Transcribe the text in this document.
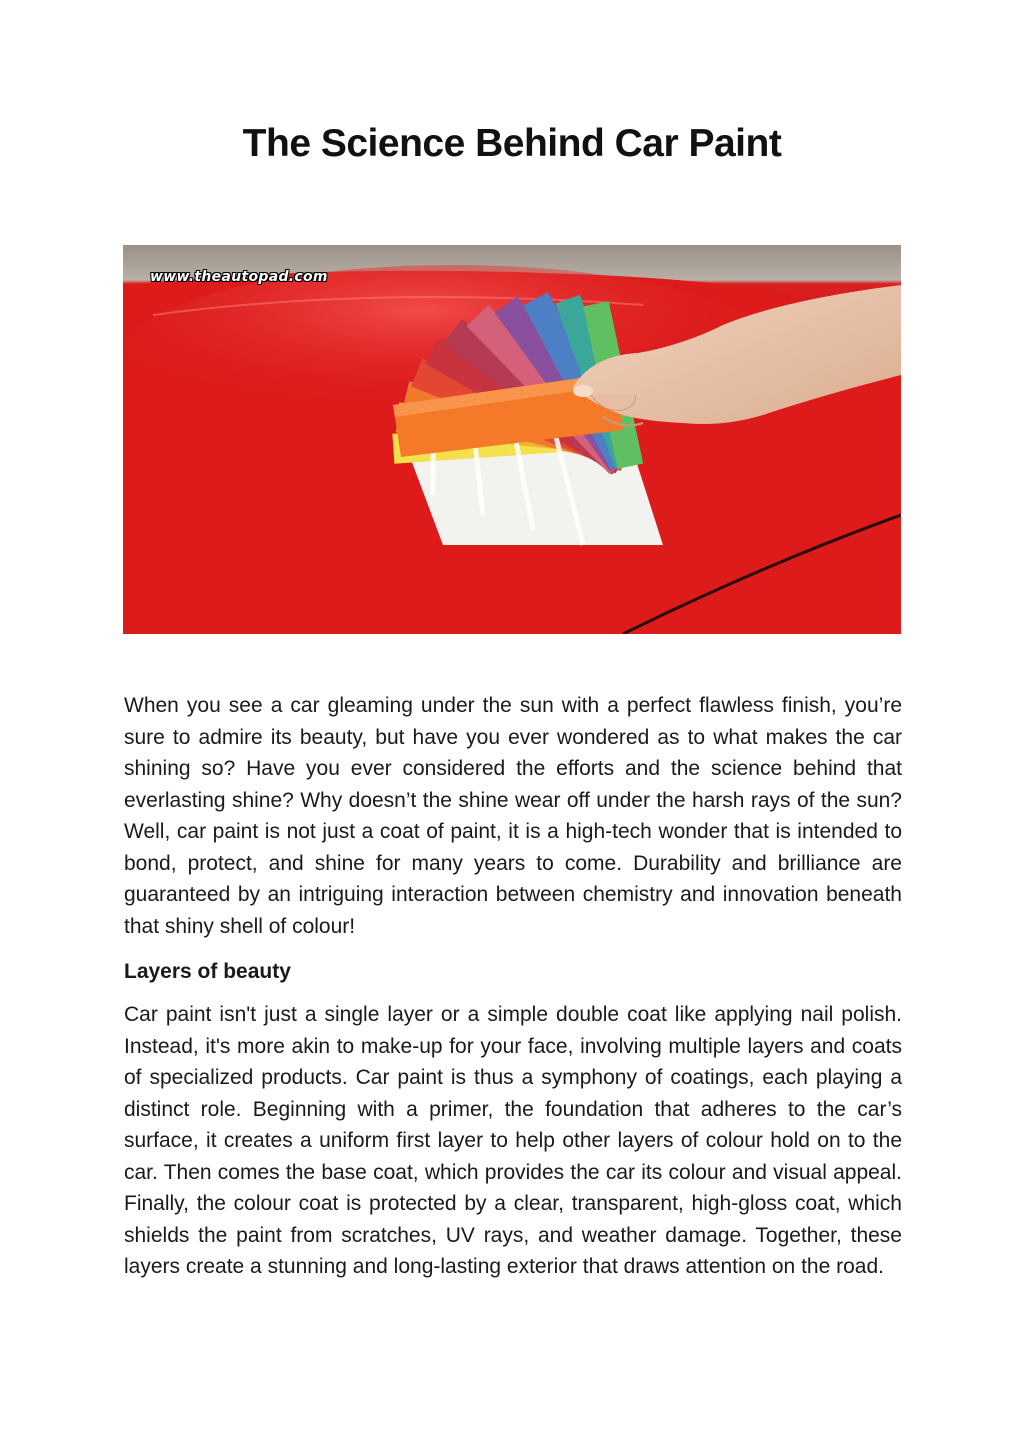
The Science Behind Car Paint
www.theautopad.com

When you see a car gleaming under the sun with a perfect flawless finish, you’re sure to admire its beauty, but have you ever wondered as to what makes the car shining so? Have you ever considered the efforts and the science behind that everlasting shine? Why doesn’t the shine wear off under the harsh rays of the sun? Well, car paint is not just a coat of paint, it is a high-tech wonder that is intended to bond, protect, and shine for many years to come. Durability and brilliance are guaranteed by an intriguing interaction between chemistry and innovation beneath that shiny shell of colour!

Layers of beauty

Car paint isn't just a single layer or a simple double coat like applying nail polish. Instead, it's more akin to make-up for your face, involving multiple layers and coats of specialized products. Car paint is thus a symphony of coatings, each playing a distinct role. Beginning with a primer, the foundation that adheres to the car’s surface, it creates a uniform first layer to help other layers of colour hold on to the car. Then comes the base coat, which provides the car its colour and visual appeal. Finally, the colour coat is protected by a clear, transparent, high-gloss coat, which shields the paint from scratches, UV rays, and weather damage. Together, these layers create a stunning and long-lasting exterior that draws attention on the road.
